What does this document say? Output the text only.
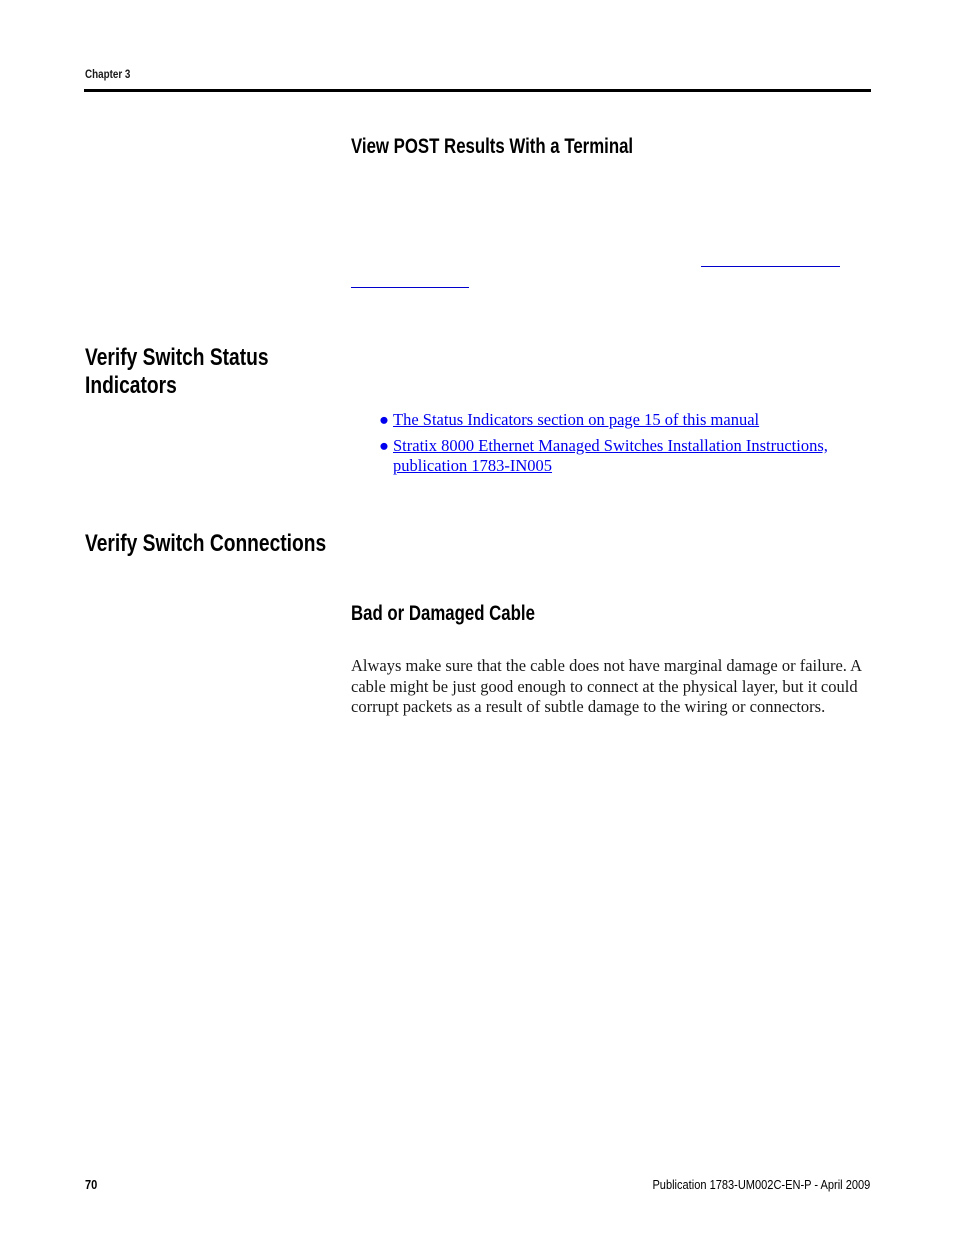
Chapter 3
View POST Results With a Terminal
Verify Switch Status
Indicators
● The Status Indicators section on page 15 of this manual
● Stratix 8000 Ethernet Managed Switches Installation Instructions,
publication 1783-IN005
Verify Switch Connections
Bad or Damaged Cable
Always make sure that the cable does not have marginal damage or failure. A cable might be just good enough to connect at the physical layer, but it could corrupt packets as a result of subtle damage to the wiring or connectors.
70	Publication 1783-UM002C-EN-P - April 2009
